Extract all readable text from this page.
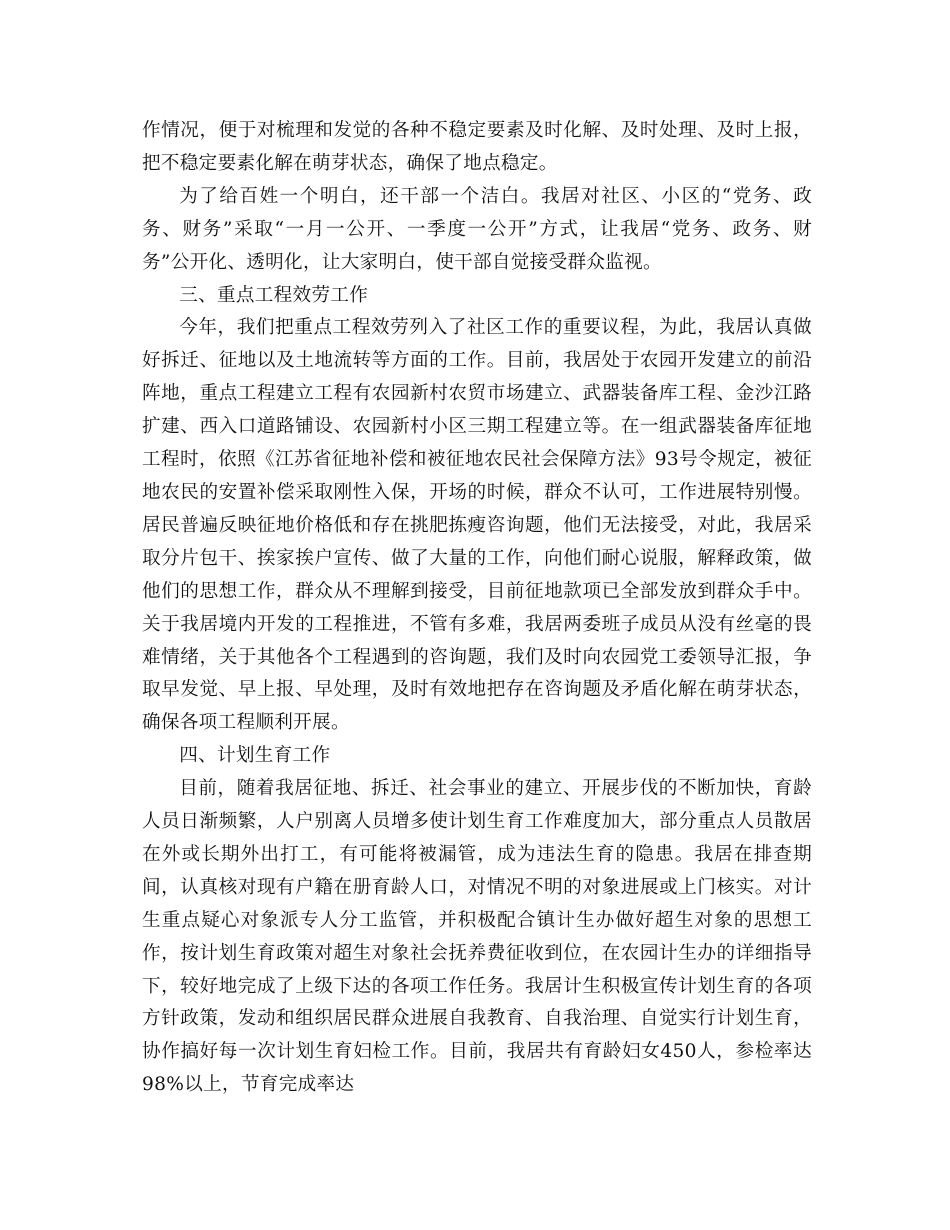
作情况，便于对梳理和发觉的各种不稳定要素及时化解、及时处理、及时上报，把不稳定要素化解在萌芽状态，确保了地点稳定。

为了给百姓一个明白，还干部一个洁白。我居对社区、小区的“党务、政务、财务”采取“一月一公开、一季度一公开”方式，让我居“党务、政务、财务”公开化、透明化，让大家明白，使干部自觉接受群众监视。

三、重点工程效劳工作

今年，我们把重点工程效劳列入了社区工作的重要议程，为此，我居认真做好拆迁、征地以及土地流转等方面的工作。目前，我居处于农园开发建立的前沿阵地，重点工程建立工程有农园新村农贸市场建立、武器装备库工程、金沙江路扩建、西入口道路铺设、农园新村小区三期工程建立等。在一组武器装备库征地工程时，依照《江苏省征地补偿和被征地农民社会保障方法》93号令规定，被征地农民的安置补偿采取刚性入保，开场的时候，群众不认可，工作进展特别慢。居民普遍反映征地价格低和存在挑肥拣瘦咨询题，他们无法接受，对此，我居采取分片包干、挨家挨户宣传、做了大量的工作，向他们耐心说服，解释政策，做他们的思想工作，群众从不理解到接受，目前征地款项已全部发放到群众手中。关于我居境内开发的工程推进，不管有多难，我居两委班子成员从没有丝毫的畏难情绪，关于其他各个工程遇到的咨询题，我们及时向农园党工委领导汇报，争取早发觉、早上报、早处理，及时有效地把存在咨询题及矛盾化解在萌芽状态，确保各项工程顺利开展。

四、计划生育工作

目前，随着我居征地、拆迁、社会事业的建立、开展步伐的不断加快，育龄人员日渐频繁，人户别离人员增多使计划生育工作难度加大，部分重点人员散居在外或长期外出打工，有可能将被漏管，成为违法生育的隐患。我居在排查期间，认真核对现有户籍在册育龄人口，对情况不明的对象进展或上门核实。对计生重点疑心对象派专人分工监管，并积极配合镇计生办做好超生对象的思想工作，按计划生育政策对超生对象社会抚养费征收到位，在农园计生办的详细指导下，较好地完成了上级下达的各项工作任务。我居计生积极宣传计划生育的各项方针政策，发动和组织居民群众进展自我教育、自我治理、自觉实行计划生育，协作搞好每一次计划生育妇检工作。目前，我居共有育龄妇女450人，参检率达98%以上，节育完成率达
